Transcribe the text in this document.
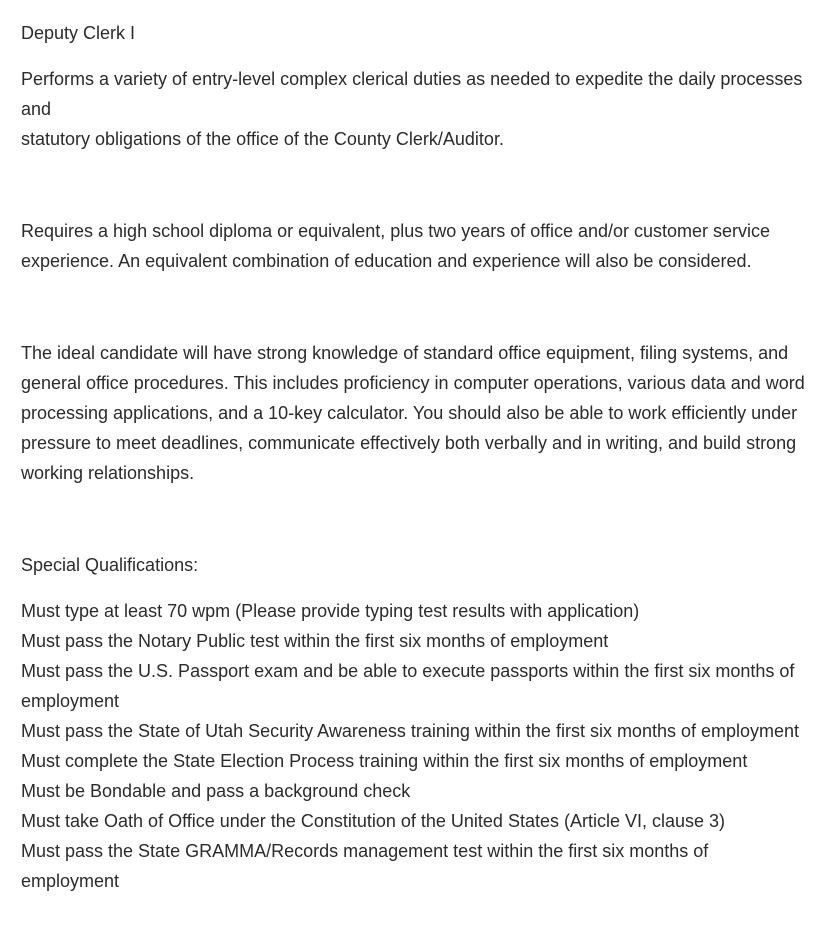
Deputy Clerk I

Performs a variety of entry-level complex clerical duties as needed to expedite the daily processes and
statutory obligations of the office of the County Clerk/Auditor.

Requires a high school diploma or equivalent, plus two years of office and/or customer service experience. An equivalent combination of education and experience will also be considered.

The ideal candidate will have strong knowledge of standard office equipment, filing systems, and general office procedures. This includes proficiency in computer operations, various data and word processing applications, and a 10-key calculator. You should also be able to work efficiently under pressure to meet deadlines, communicate effectively both verbally and in writing, and build strong working relationships.

Special Qualifications:

Must type at least 70 wpm (Please provide typing test results with application)
Must pass the Notary Public test within the first six months of employment
Must pass the U.S. Passport exam and be able to execute passports within the first six months of employment
Must pass the State of Utah Security Awareness training within the first six months of employment
Must complete the State Election Process training within the first six months of employment
Must be Bondable and pass a background check
Must take Oath of Office under the Constitution of the United States (Article VI, clause 3)
Must pass the State GRAMMA/Records management test within the first six months of employment
